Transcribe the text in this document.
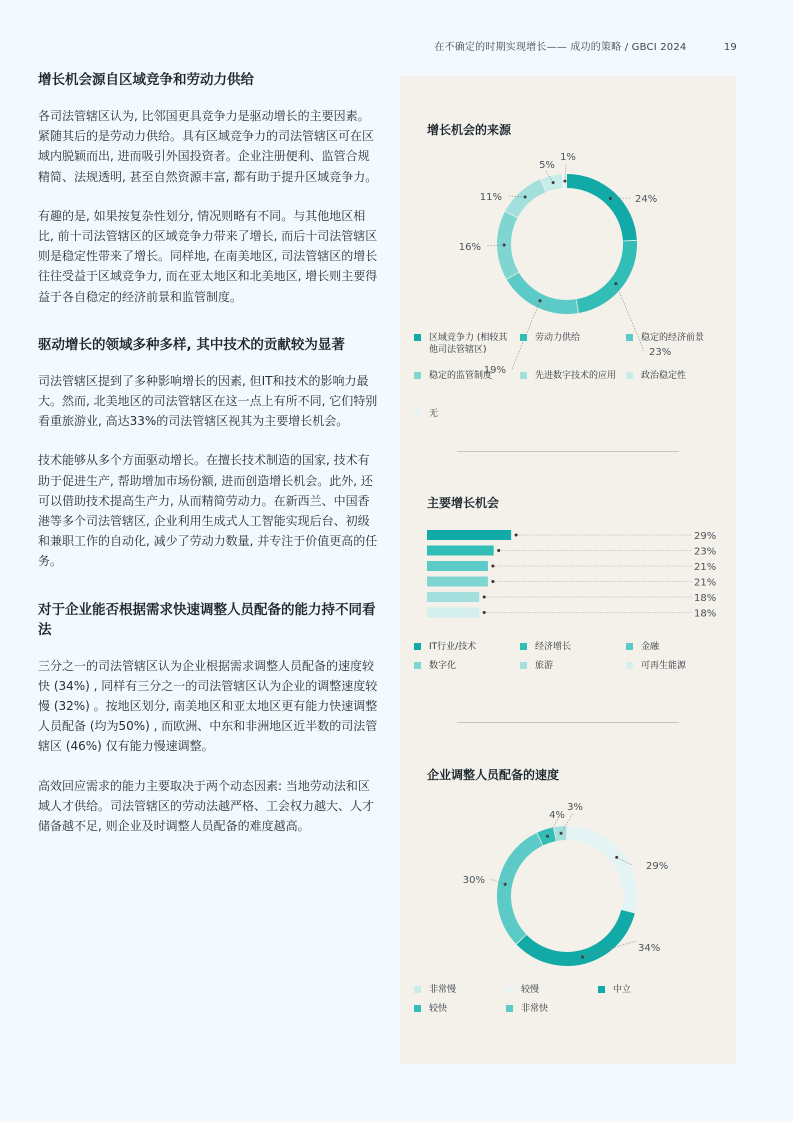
在不确定的时期实现增长—— 成功的策略 / GBCI 2024	19
增长机会源自区域竞争和劳动力供给

各司法管辖区认为, 比邻国更具竞争力是驱动增长的主要因素。紧随其后的是劳动力供给。具有区域竞争力的司法管辖区可在区域内脱颖而出, 进而吸引外国投资者。企业注册便利、监管合规精简、法规透明, 甚至自然资源丰富, 都有助于提升区域竞争力。

有趣的是, 如果按复杂性划分, 情况则略有不同。与其他地区相比, 前十司法管辖区的区域竞争力带来了增长, 而后十司法管辖区则是稳定性带来了增长。同样地, 在南美地区, 司法管辖区的增长往往受益于区域竞争力, 而在亚太地区和北美地区, 增长则主要得益于各自稳定的经济前景和监管制度。

驱动增长的领域多种多样, 其中技术的贡献较为显著

司法管辖区提到了多种影响增长的因素, 但IT和技术的影响力最大。然而, 北美地区的司法管辖区在这一点上有所不同, 它们特别看重旅游业, 高达33%的司法管辖区视其为主要增长机会。

技术能够从多个方面驱动增长。在擅长技术制造的国家, 技术有助于促进生产, 帮助增加市场份额, 进而创造增长机会。此外, 还可以借助技术提高生产力, 从而精简劳动力。在新西兰、中国香港等多个司法管辖区, 企业利用生成式人工智能实现后台、初级和兼职工作的自动化, 减少了劳动力数量, 并专注于价值更高的任务。

对于企业能否根据需求快速调整人员配备的能力持不同看法

三分之一的司法管辖区认为企业根据需求调整人员配备的速度较快 (34%) , 同样有三分之一的司法管辖区认为企业的调整速度较慢 (32%) 。按地区划分, 南美地区和亚太地区更有能力快速调整人员配备 (均为50%) , 而欧洲、中东和非洲地区近半数的司法管辖区 (46%) 仅有能力慢速调整。

高效回应需求的能力主要取决于两个动态因素: 当地劳动法和区域人才供给。司法管辖区的劳动法越严格、工会权力越大、人才储备越不足, 则企业及时调整人员配备的难度越高。

增长机会的来源
24%
23%
19%
16%
11%
5%
1%
区域竞争力 (相较其他司法管辖区)
劳动力供给	稳定的经济前景
稳定的监管制度	先进数字技术的应用	政治稳定性
无
主要增长机会
29%
23%
21%
21%
18%
18%
IT行业/技术	经济增长	金融
数字化	旅游	可再生能源
企业调整人员配备的速度
29%
34%
30%
4%
3%
非常慢	较慢	中立
较快	非常快
